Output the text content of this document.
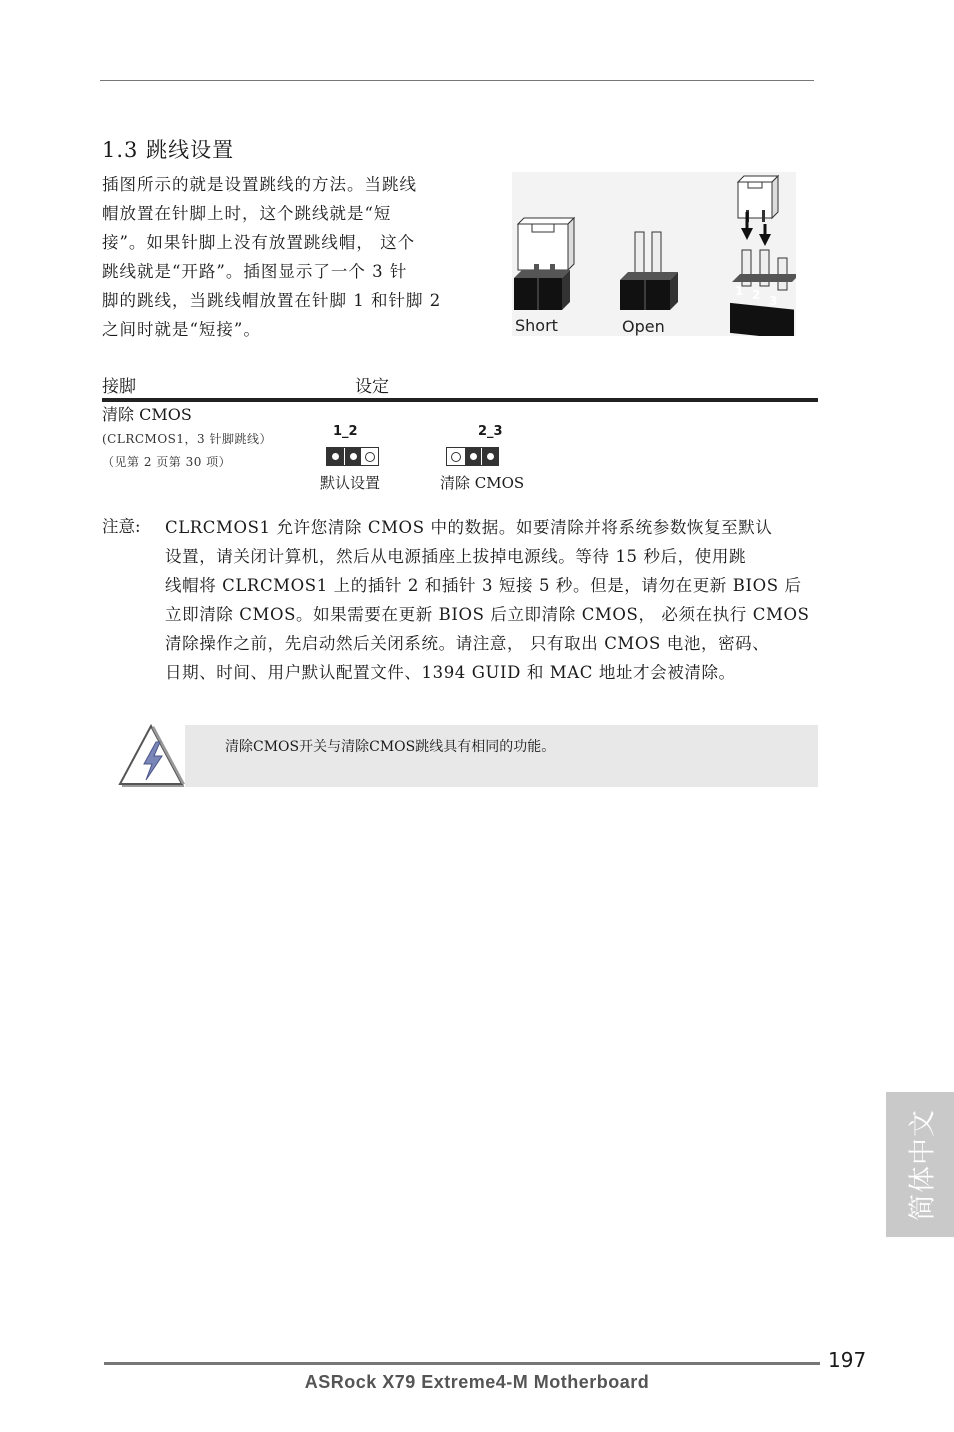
1.3 跳线设置

插图所示的就是设置跳线的方法。当跳线

帽放置在针脚上时，这个跳线就是“短

接”。如果针脚上没有放置跳线帽， 这个

跳线就是“开路”。插图显示了一个 3 针

脚的跳线，当跳线帽放置在针脚 1 和针脚 2

之间时就是“短接”。	Short	Open
1 2 3
接脚	设定
清除 CMOS
(CLRCMOS1，3 针脚跳线）
（见第 2 页第 30 项）
1_2
默认设置
2_3
清除 CMOS
注意: CLRCMOS1 允许您清除 CMOS 中的数据。如要清除并将系统参数恢复至默认

设置，请关闭计算机，然后从电源插座上拔掉电源线。等待 15 秒后，使用跳

线帽将 CLRCMOS1 上的插针 2 和插针 3 短接 5 秒。但是，请勿在更新 BIOS 后

立即清除 CMOS。如果需要在更新 BIOS 后立即清除 CMOS， 必须在执行 CMOS

清除操作之前，先启动然后关闭系统。请注意， 只有取出 CMOS 电池，密码、

日期、时间、用户默认配置文件、1394 GUID 和 MAC 地址才会被清除。

清除CMOS开关与清除CMOS跳线具有相同的功能。
简体中文
197
ASRock X79 Extreme4-M Motherboard
